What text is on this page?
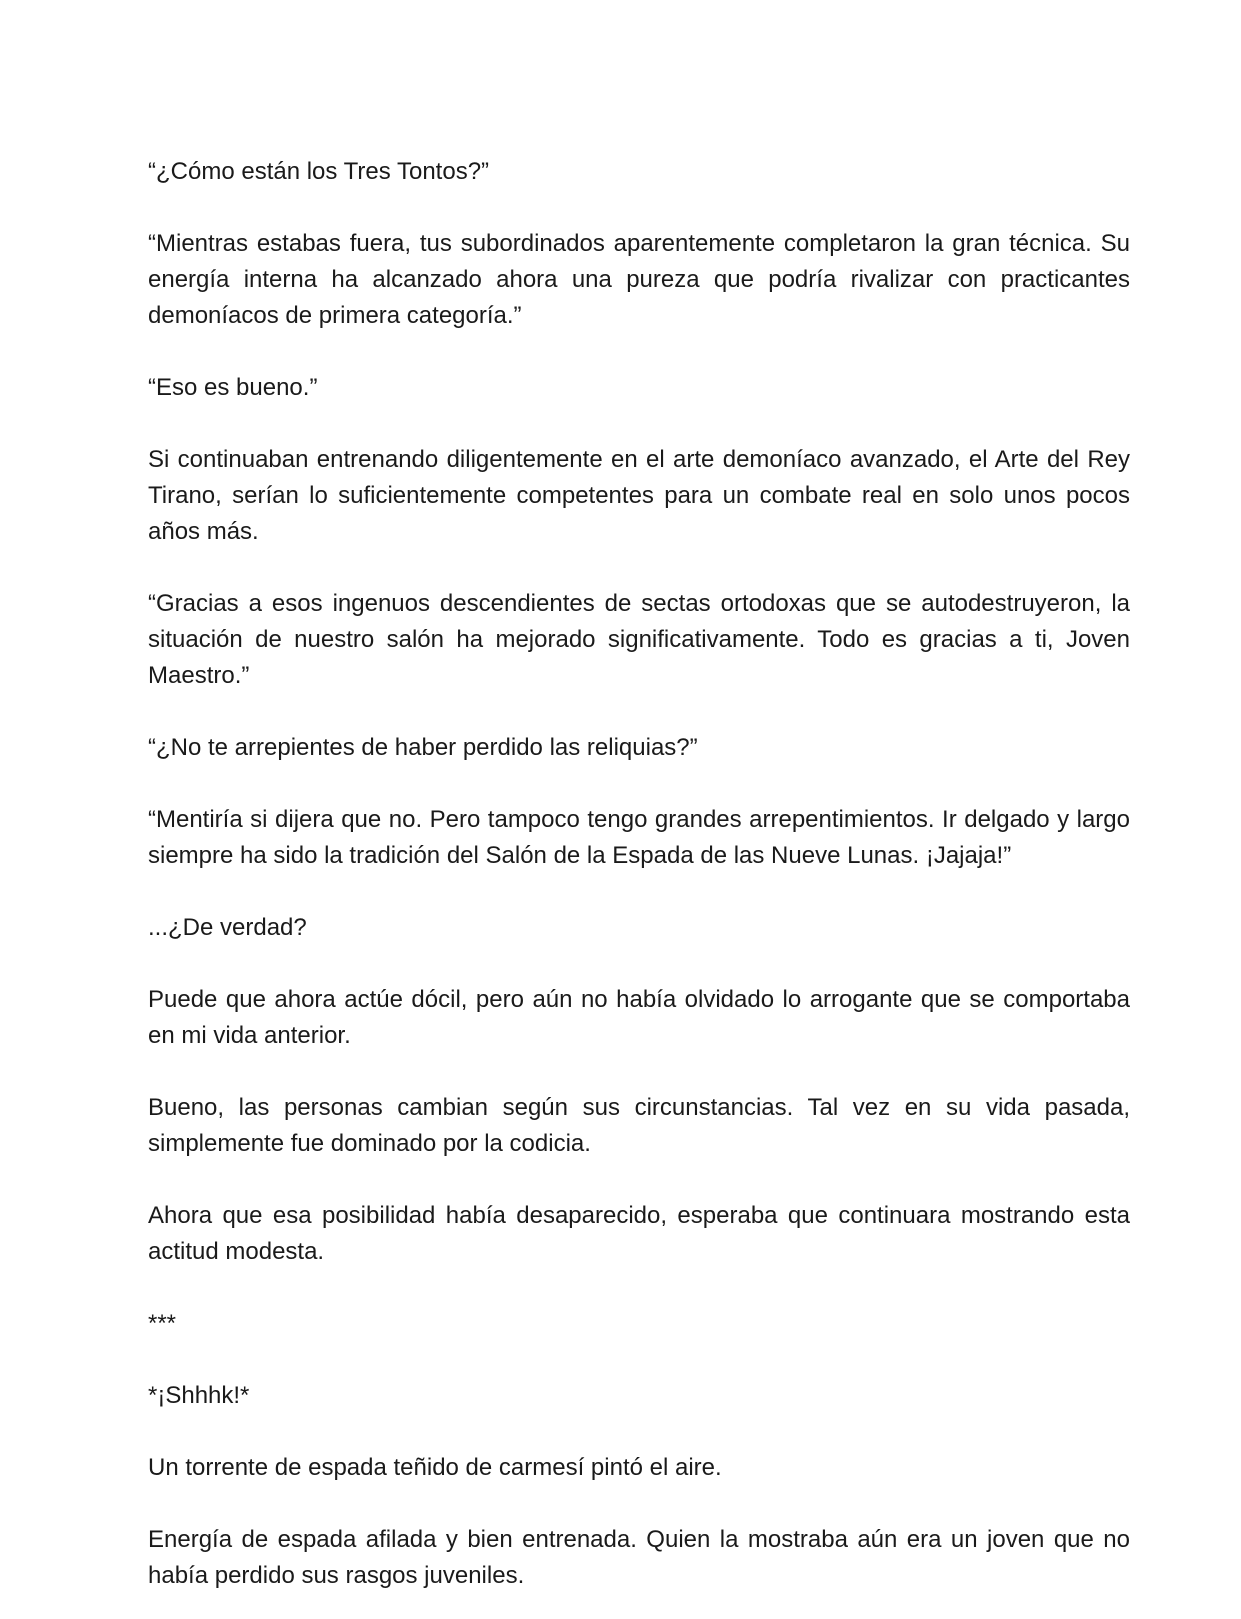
“¿Cómo están los Tres Tontos?”

“Mientras estabas fuera, tus subordinados aparentemente completaron la gran técnica. Su energía interna ha alcanzado ahora una pureza que podría rivalizar con practicantes demoníacos de primera categoría.”

“Eso es bueno.”

Si continuaban entrenando diligentemente en el arte demoníaco avanzado, el Arte del Rey Tirano, serían lo suficientemente competentes para un combate real en solo unos pocos años más.

“Gracias a esos ingenuos descendientes de sectas ortodoxas que se autodestruyeron, la situación de nuestro salón ha mejorado significativamente. Todo es gracias a ti, Joven Maestro.”

“¿No te arrepientes de haber perdido las reliquias?”

“Mentiría si dijera que no. Pero tampoco tengo grandes arrepentimientos. Ir delgado y largo siempre ha sido la tradición del Salón de la Espada de las Nueve Lunas. ¡Jajaja!”

...¿De verdad?

Puede que ahora actúe dócil, pero aún no había olvidado lo arrogante que se comportaba en mi vida anterior.

Bueno, las personas cambian según sus circunstancias. Tal vez en su vida pasada, simplemente fue dominado por la codicia.

Ahora que esa posibilidad había desaparecido, esperaba que continuara mostrando esta actitud modesta.

***

*¡Shhhk!*

Un torrente de espada teñido de carmesí pintó el aire.

Energía de espada afilada y bien entrenada. Quien la mostraba aún era un joven que no había perdido sus rasgos juveniles.
